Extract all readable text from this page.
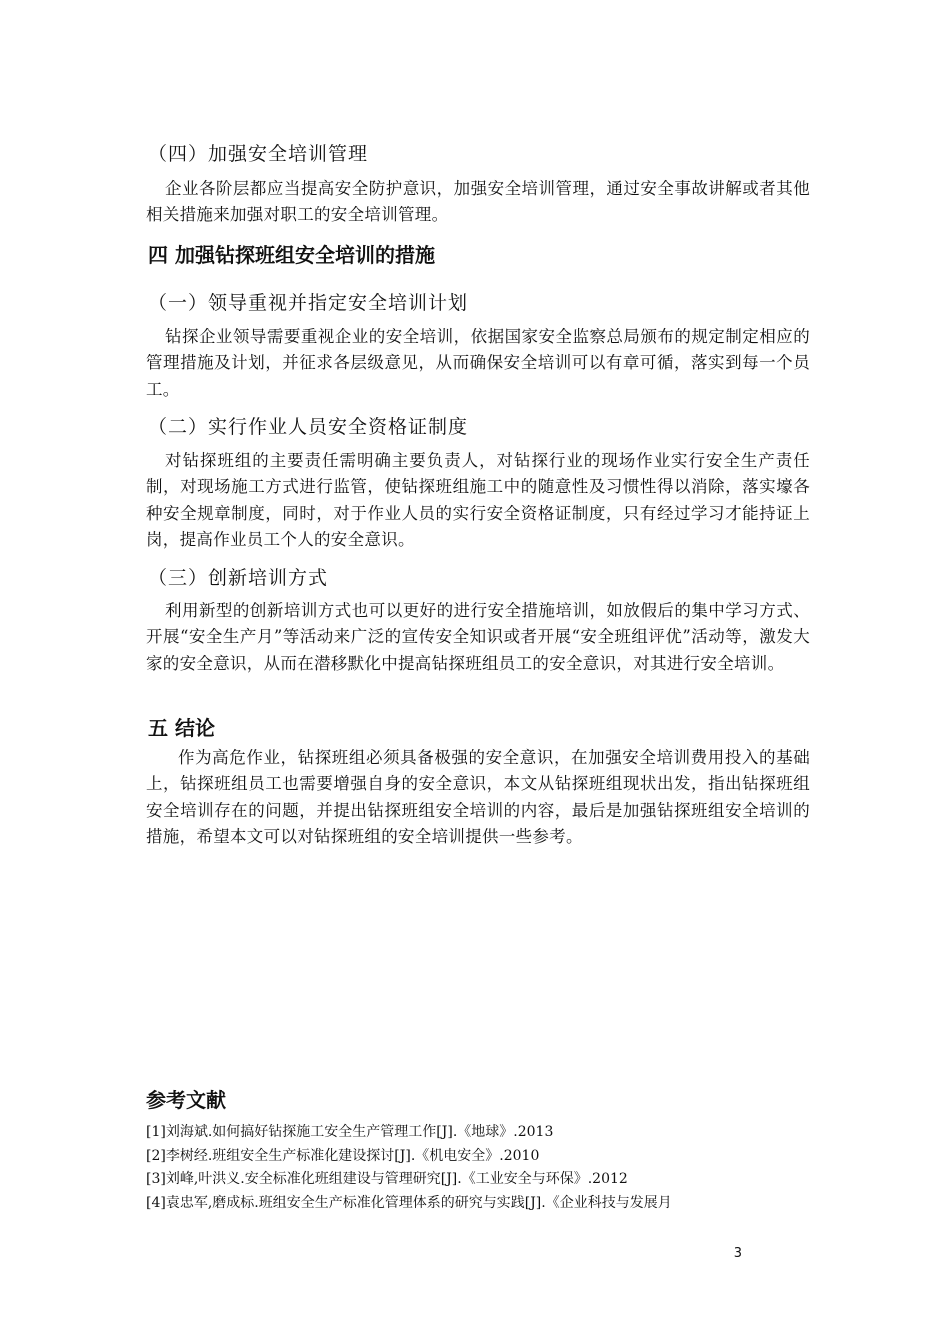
（四）加强安全培训管理

企业各阶层都应当提高安全防护意识，加强安全培训管理，通过安全事故讲解或者其他相关措施来加强对职工的安全培训管理。

四 加强钻探班组安全培训的措施
（一）领导重视并指定安全培训计划

钻探企业领导需要重视企业的安全培训，依据国家安全监察总局颁布的规定制定相应的管理措施及计划，并征求各层级意见，从而确保安全培训可以有章可循，落实到每一个员工。

（二）实行作业人员安全资格证制度

对钻探班组的主要责任需明确主要负责人，对钻探行业的现场作业实行安全生产责任制，对现场施工方式进行监管，使钻探班组施工中的随意性及习惯性得以消除，落实壕各种安全规章制度，同时，对于作业人员的实行安全资格证制度，只有经过学习才能持证上岗，提高作业员工个人的安全意识。

（三）创新培训方式

利用新型的创新培训方式也可以更好的进行安全措施培训，如放假后的集中学习方式、开展“安全生产月”等活动来广泛的宣传安全知识或者开展“安全班组评优”活动等，激发大家的安全意识，从而在潜移默化中提高钻探班组员工的安全意识，对其进行安全培训。

五 结论

作为高危作业，钻探班组必须具备极强的安全意识，在加强安全培训费用投入的基础上，钻探班组员工也需要增强自身的安全意识，本文从钻探班组现状出发，指出钻探班组安全培训存在的问题，并提出钻探班组安全培训的内容，最后是加强钻探班组安全培训的措施，希望本文可以对钻探班组的安全培训提供一些参考。

参考文献
[1]刘海斌.如何搞好钻探施工安全生产管理工作[J].《地球》.2013
[2]李树经.班组安全生产标准化建设探讨[J].《机电安全》.2010
[3]刘峰,叶洪义.安全标准化班组建设与管理研究[J].《工业安全与环保》.2012
[4]袁忠军,磨成标.班组安全生产标准化管理体系的研究与实践[J].《企业科技与发展月
3
